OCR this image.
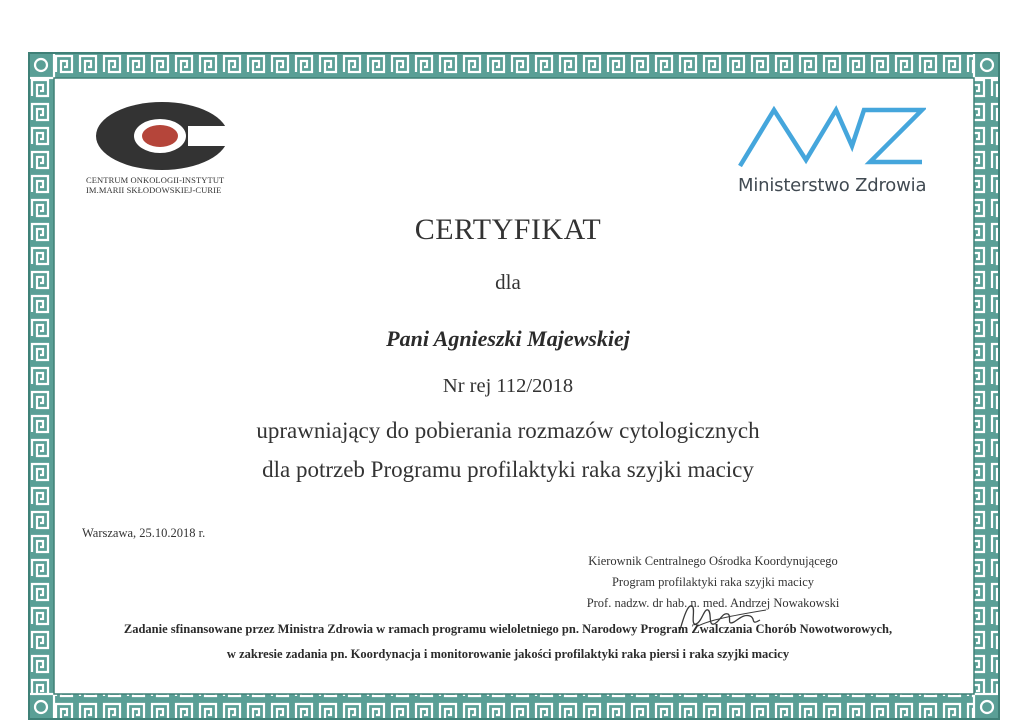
CENTRUM ONKOLOGII-INSTYTUT
IM.MARII SKŁODOWSKIEJ-CURIE	Ministerstwo Zdrowia
CERTYFIKAT
dla
Pani Agnieszki Majewskiej
Nr rej 112/2018
uprawniający do pobierania rozmazów cytologicznych
dla potrzeb Programu profilaktyki raka szyjki macicy
Warszawa, 25.10.2018 r.
Kierownik Centralnego Ośrodka Koordynującego
Program profilaktyki raka szyjki macicy
Prof. nadzw. dr hab. n. med. Andrzej Nowakowski
Zadanie sfinansowane przez Ministra Zdrowia w ramach programu wieloletniego pn. Narodowy Program Zwalczania Chorób Nowotworowych,
w zakresie zadania pn. Koordynacja i monitorowanie jakości profilaktyki raka piersi i raka szyjki macicy
